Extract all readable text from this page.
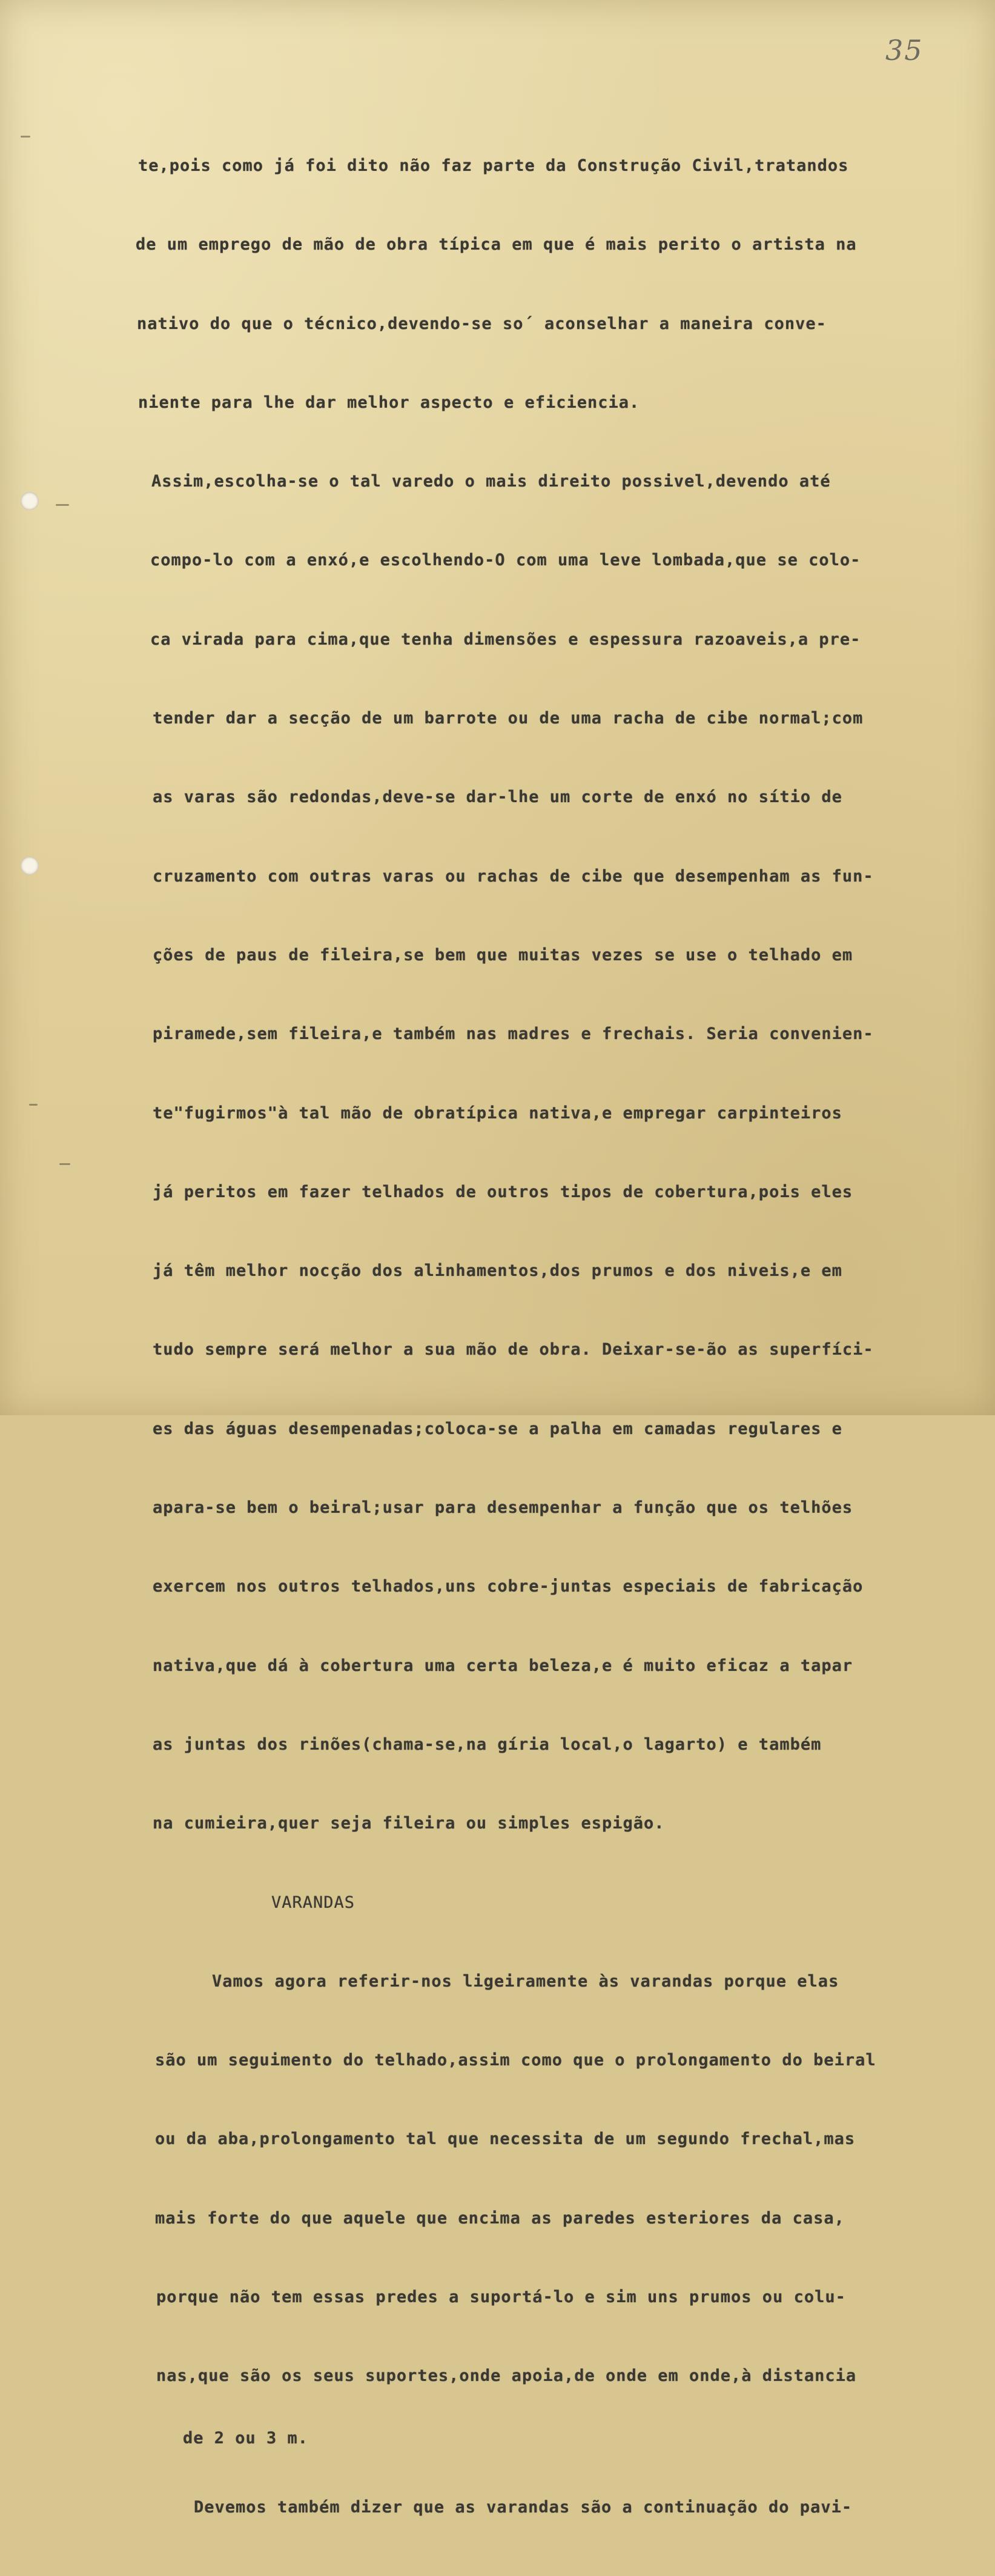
35

te,pois como já foi dito não faz parte da Construção Civil,tratandos

de um emprego de mão de obra típica em que é mais perito o artista na

nativo do que o técnico,devendo-se so´ aconselhar a maneira conve-

niente para lhe dar melhor aspecto e eficiencia.

Assim,escolha-se o tal varedo o mais direito possivel,devendo até

compo-lo com a enxó,e escolhendo-O com uma leve lombada,que se colo-

ca virada para cima,que tenha dimensões e espessura razoaveis,a pre-

tender dar a secção de um barrote ou de uma racha de cibe normal;com

as varas são redondas,deve-se dar-lhe um corte de enxó no sítio de

cruzamento com outras varas ou rachas de cibe que desempenham as fun-

ções de paus de fileira,se bem que muitas vezes se use o telhado em

piramede,sem fileira,e também nas madres e frechais. Seria convenien-

te"fugirmos"à tal mão de obratípica nativa,e empregar carpinteiros

já peritos em fazer telhados de outros tipos de cobertura,pois eles

já têm melhor nocção dos alinhamentos,dos prumos e dos niveis,e em

tudo sempre será melhor a sua mão de obra. Deixar-se-ão as superfíci-

es das águas desempenadas;coloca-se a palha em camadas regulares e

apara-se bem o beiral;usar para desempenhar a função que os telhões

exercem nos outros telhados,uns cobre-juntas especiais de fabricação

nativa,que dá à cobertura uma certa beleza,e é muito eficaz a tapar

as juntas dos rinões(chama-se,na gíria local,o lagarto) e também

na cumieira,quer seja fileira ou simples espigão.

VARANDAS

Vamos agora referir-nos ligeiramente às varandas porque elas

são um seguimento do telhado,assim como que o prolongamento do beiral

ou da aba,prolongamento tal que necessita de um segundo frechal,mas

mais forte do que aquele que encima as paredes esteriores da casa,

porque não tem essas predes a suportá-lo e sim uns prumos ou colu-

nas,que são os seus suportes,onde apoia,de onde em onde,à distancia

de 2 ou 3 m.

Devemos também dizer que as varandas são a continuação do pavi-
